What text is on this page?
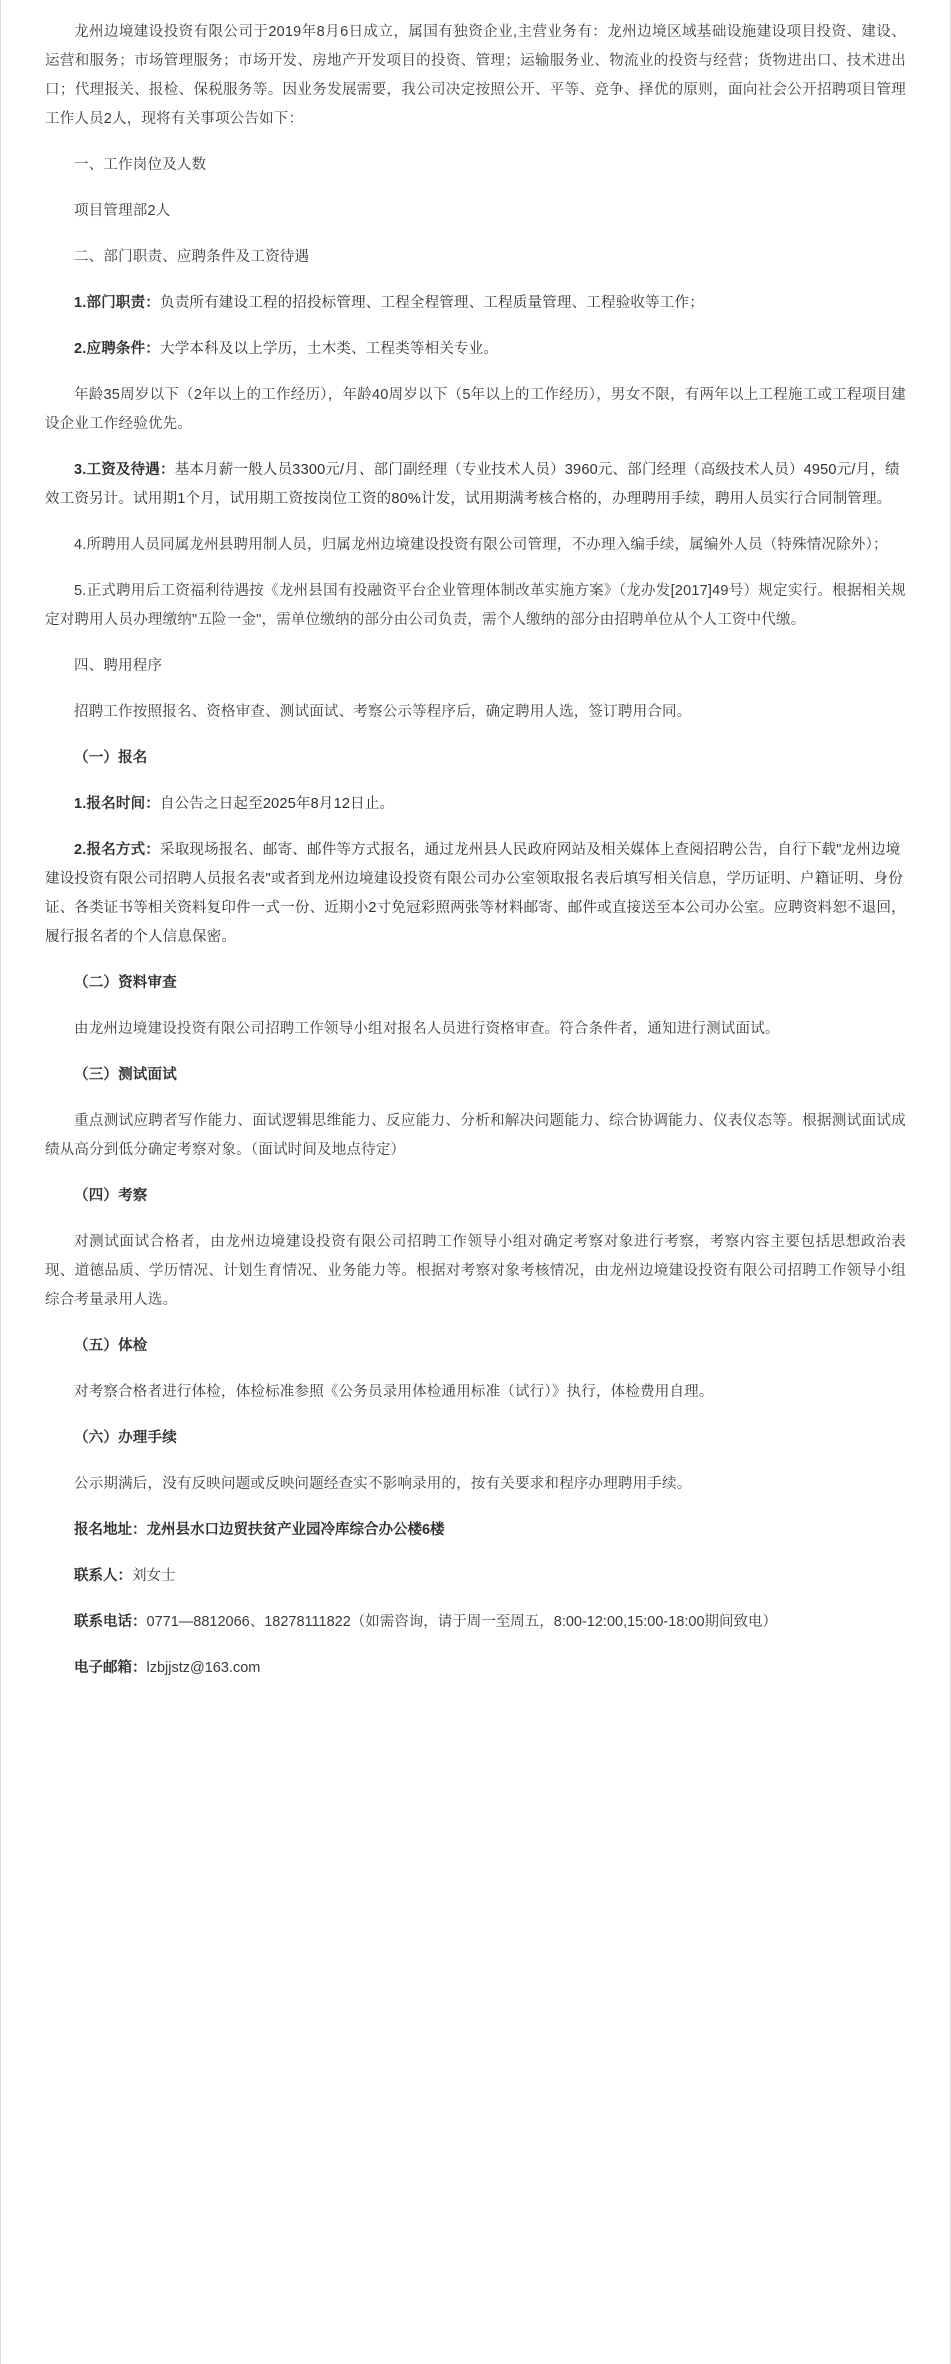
龙州边境建设投资有限公司于2019年8月6日成立，属国有独资企业,主营业务有：龙州边境区域基础设施建设项目投资、建设、运营和服务；市场管理服务；市场开发、房地产开发项目的投资、管理；运输服务业、物流业的投资与经营；货物进出口、技术进出口；代理报关、报检、保税服务等。因业务发展需要，我公司决定按照公开、平等、竞争、择优的原则，面向社会公开招聘项目管理工作人员2人，现将有关事项公告如下：

一、工作岗位及人数

项目管理部2人

二、部门职责、应聘条件及工资待遇

1.部门职责：负责所有建设工程的招投标管理、工程全程管理、工程质量管理、工程验收等工作；

2.应聘条件：大学本科及以上学历，土木类、工程类等相关专业。

年龄35周岁以下（2年以上的工作经历），年龄40周岁以下（5年以上的工作经历），男女不限，有两年以上工程施工或工程项目建设企业工作经验优先。

3.工资及待遇：基本月薪一般人员3300元/月、部门副经理（专业技术人员）3960元、部门经理（高级技术人员）4950元/月，绩效工资另计。试用期1个月，试用期工资按岗位工资的80%计发，试用期满考核合格的，办理聘用手续，聘用人员实行合同制管理。

4.所聘用人员同属龙州县聘用制人员，归属龙州边境建设投资有限公司管理，不办理入编手续，属编外人员（特殊情况除外）；

5.正式聘用后工资福利待遇按《龙州县国有投融资平台企业管理体制改革实施方案》（龙办发[2017]49号）规定实行。根据相关规定对聘用人员办理缴纳"五险一金"，需单位缴纳的部分由公司负责，需个人缴纳的部分由招聘单位从个人工资中代缴。

四、聘用程序

招聘工作按照报名、资格审查、测试面试、考察公示等程序后，确定聘用人选，签订聘用合同。

（一）报名

1.报名时间：自公告之日起至2025年8月12日止。

2.报名方式：采取现场报名、邮寄、邮件等方式报名，通过龙州县人民政府网站及相关媒体上查阅招聘公告，自行下载"龙州边境建设投资有限公司招聘人员报名表"或者到龙州边境建设投资有限公司办公室领取报名表后填写相关信息，学历证明、户籍证明、身份证、各类证书等相关资料复印件一式一份、近期小2寸免冠彩照两张等材料邮寄、邮件或直接送至本公司办公室。应聘资料恕不退回，履行报名者的个人信息保密。

（二）资料审查

由龙州边境建设投资有限公司招聘工作领导小组对报名人员进行资格审查。符合条件者，通知进行测试面试。

（三）测试面试

重点测试应聘者写作能力、面试逻辑思维能力、反应能力、分析和解决问题能力、综合协调能力、仪表仪态等。根据测试面试成绩从高分到低分确定考察对象。（面试时间及地点待定）

（四）考察

对测试面试合格者，由龙州边境建设投资有限公司招聘工作领导小组对确定考察对象进行考察，考察内容主要包括思想政治表现、道德品质、学历情况、计划生育情况、业务能力等。根据对考察对象考核情况，由龙州边境建设投资有限公司招聘工作领导小组综合考量录用人选。

（五）体检

对考察合格者进行体检，体检标准参照《公务员录用体检通用标准（试行）》执行，体检费用自理。

（六）办理手续

公示期满后，没有反映问题或反映问题经查实不影响录用的，按有关要求和程序办理聘用手续。

报名地址：龙州县水口边贸扶贫产业园冷库综合办公楼6楼

联系人：刘女士

联系电话：0771—8812066、18278111822（如需咨询，请于周一至周五，8:00-12:00,15:00-18:00期间致电）

电子邮箱：lzbjjstz@163.com
